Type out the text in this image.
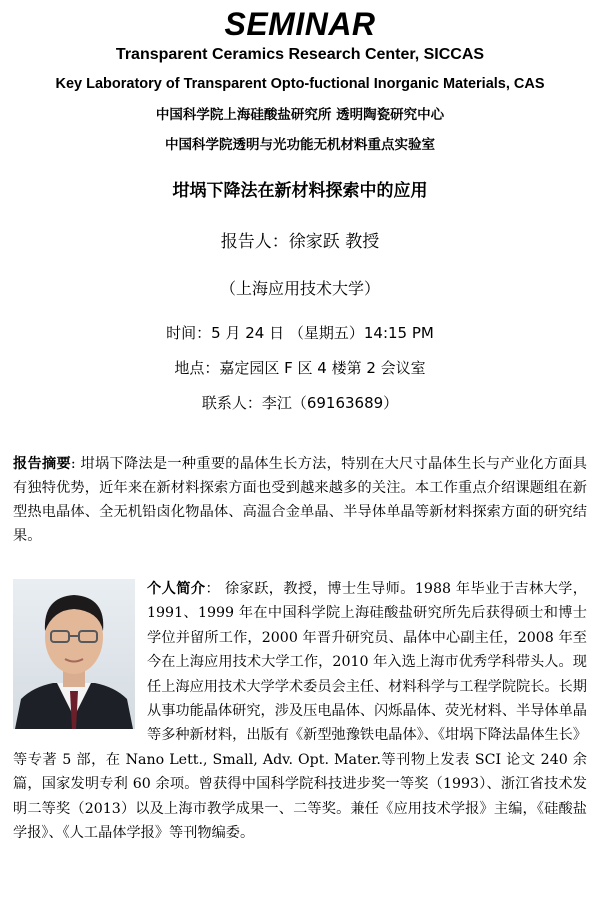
SEMINAR
Transparent Ceramics Research Center, SICCAS
Key Laboratory of Transparent Opto-fuctional Inorganic Materials, CAS
中国科学院上海硅酸盐研究所 透明陶瓷研究中心
中国科学院透明与光功能无机材料重点实验室
坩埚下降法在新材料探索中的应用
报告人：徐家跃 教授
（上海应用技术大学）
时间：5 月 24 日 （星期五）14:15 PM
地点：嘉定园区 F 区 4 楼第 2 会议室
联系人：李江（69163689）
报告摘要: 坩埚下降法是一种重要的晶体生长方法，特别在大尺寸晶体生长与产业化方面具有独特优势，近年来在新材料探索方面也受到越来越多的关注。本工作重点介绍课题组在新型热电晶体、全无机铅卤化物晶体、高温合金单晶、半导体单晶等新材料探索方面的研究结果。
个人简介： 徐家跃，教授，博士生导师。1988 年毕业于吉林大学，1991、1999 年在中国科学院上海硅酸盐研究所先后获得硕士和博士学位并留所工作，2000 年晋升研究员、晶体中心副主任，2008 年至今在上海应用技术大学工作，2010 年入选上海市优秀学科带头人。现任上海应用技术大学学术委员会主任、材料科学与工程学院院长。长期从事功能晶体研究，涉及压电晶体、闪烁晶体、荧光材料、半导体单晶等多种新材料，出版有《新型弛豫铁电晶体》、《坩埚下降法晶体生长》等专著 5 部，在 Nano Lett., Small, Adv. Opt. Mater.等刊物上发表 SCI 论文 240 余篇，国家发明专利 60 余项。曾获得中国科学院科技进步奖一等奖（1993）、浙江省技术发明二等奖（2013）以及上海市教学成果一、二等奖。兼任《应用技术学报》主编，《硅酸盐学报》、《人工晶体学报》等刊物编委。
